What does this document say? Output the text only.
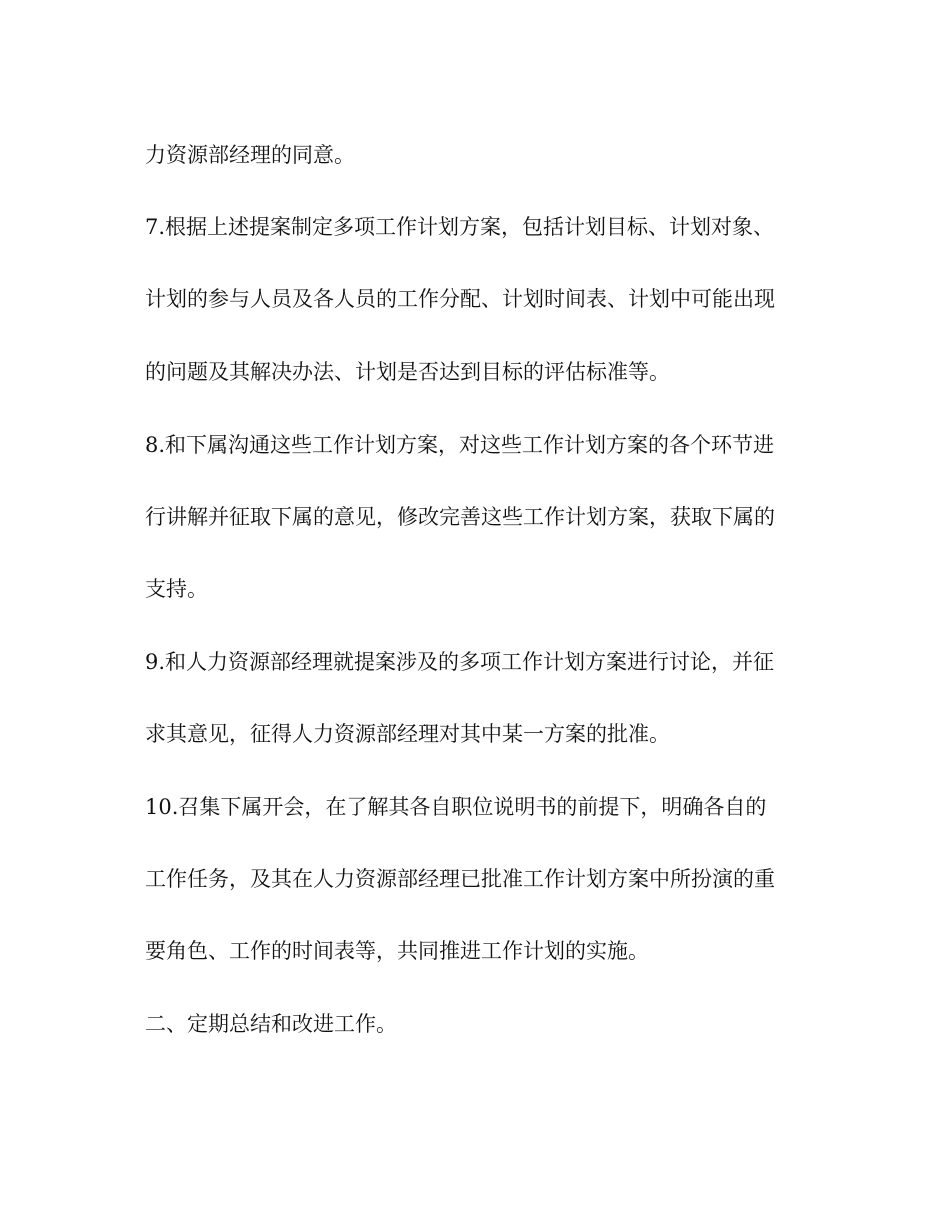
力资源部经理的同意。
7.根据上述提案制定多项工作计划方案，包括计划目标、计划对象、
计划的参与人员及各人员的工作分配、计划时间表、计划中可能出现
的问题及其解决办法、计划是否达到目标的评估标准等。
8.和下属沟通这些工作计划方案，对这些工作计划方案的各个环节进
行讲解并征取下属的意见，修改完善这些工作计划方案，获取下属的
支持。
9.和人力资源部经理就提案涉及的多项工作计划方案进行讨论，并征
求其意见，征得人力资源部经理对其中某一方案的批准。
10.召集下属开会，在了解其各自职位说明书的前提下，明确各自的
工作任务，及其在人力资源部经理已批准工作计划方案中所扮演的重
要角色、工作的时间表等，共同推进工作计划的实施。
二、定期总结和改进工作。
